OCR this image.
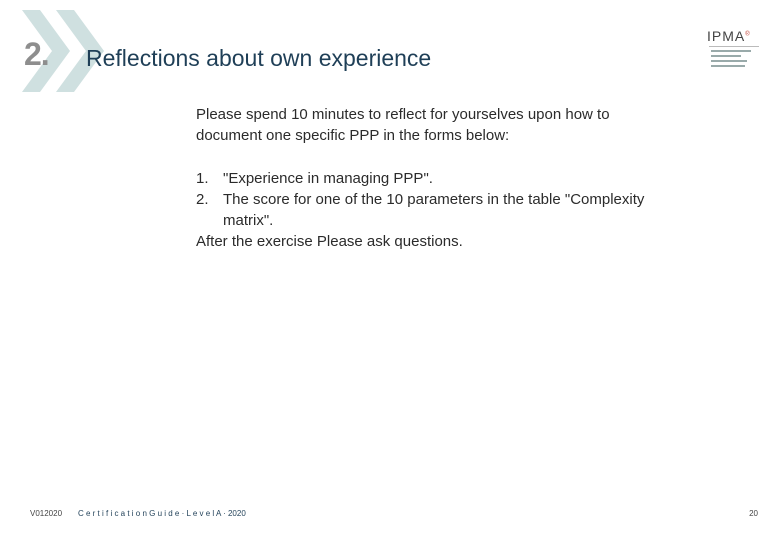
2. Reflections about own experience
IPMA®

Please spend 10 minutes to reflect for yourselves upon how to document one specific PPP in the forms below:

1. "Experience in managing PPP".
2. The score for one of the 10 parameters in the table "Complexity matrix".

After the exercise Please ask questions.

V012020 C e r t i f i c a t i o n G u i d e · L e v e l A · 2020	20
